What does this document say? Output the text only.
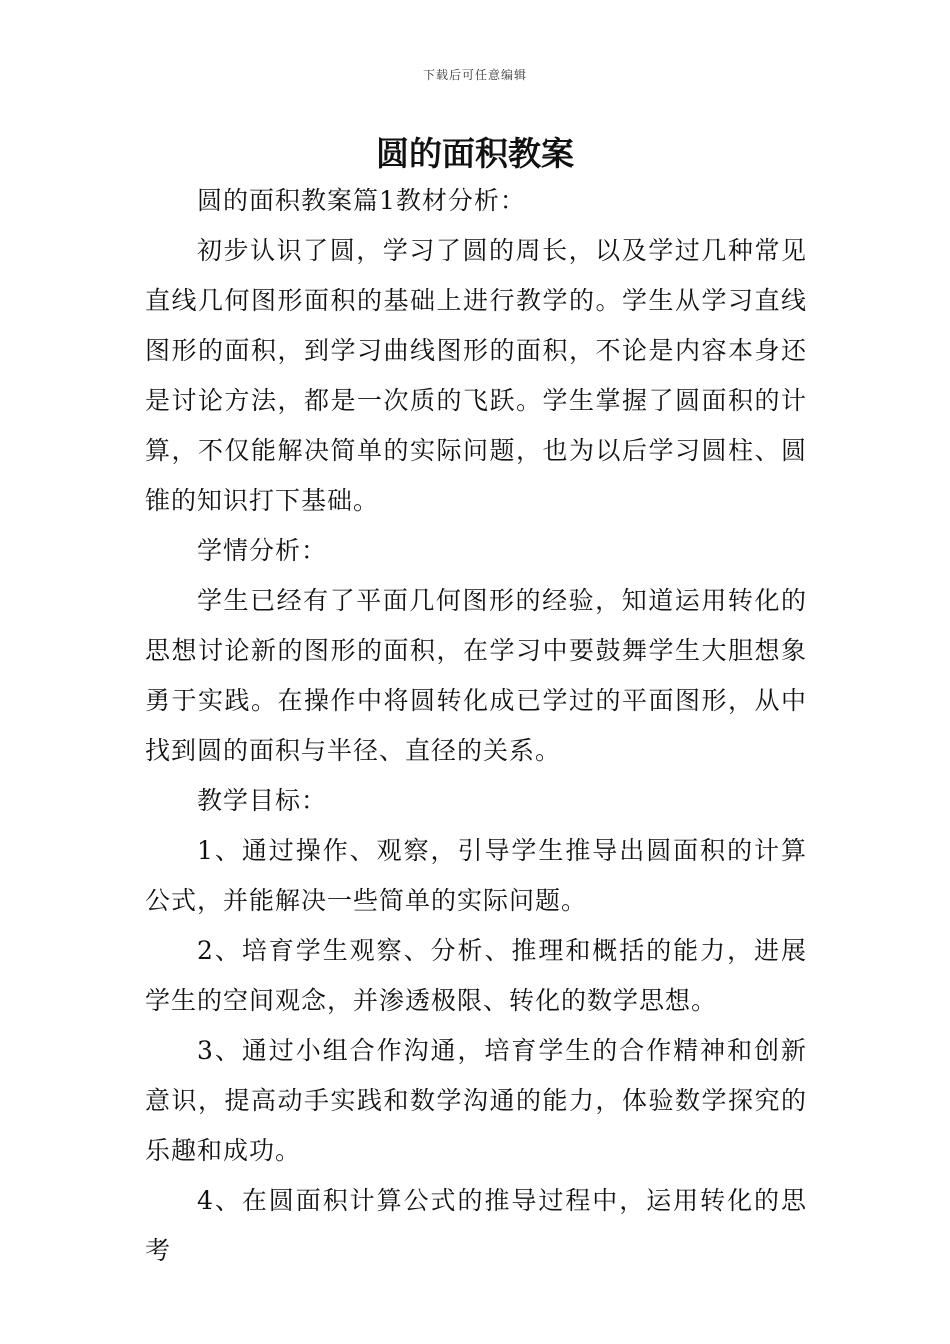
下载后可任意编辑
圆的面积教案

圆的面积教案篇1教材分析：

初步认识了圆，学习了圆的周长，以及学过几种常见直线几何图形面积的基础上进行教学的。学生从学习直线图形的面积，到学习曲线图形的面积，不论是内容本身还是讨论方法，都是一次质的飞跃。学生掌握了圆面积的计算，不仅能解决简单的实际问题，也为以后学习圆柱、圆锥的知识打下基础。

学情分析：

学生已经有了平面几何图形的经验，知道运用转化的思想讨论新的图形的面积，在学习中要鼓舞学生大胆想象勇于实践。在操作中将圆转化成已学过的平面图形，从中找到圆的面积与半径、直径的关系。

教学目标：

1、通过操作、观察，引导学生推导出圆面积的计算公式，并能解决一些简单的实际问题。

2、培育学生观察、分析、推理和概括的能力，进展学生的空间观念，并渗透极限、转化的数学思想。

3、通过小组合作沟通，培育学生的合作精神和创新意识，提高动手实践和数学沟通的能力，体验数学探究的乐趣和成功。

4、在圆面积计算公式的推导过程中，运用转化的思考
